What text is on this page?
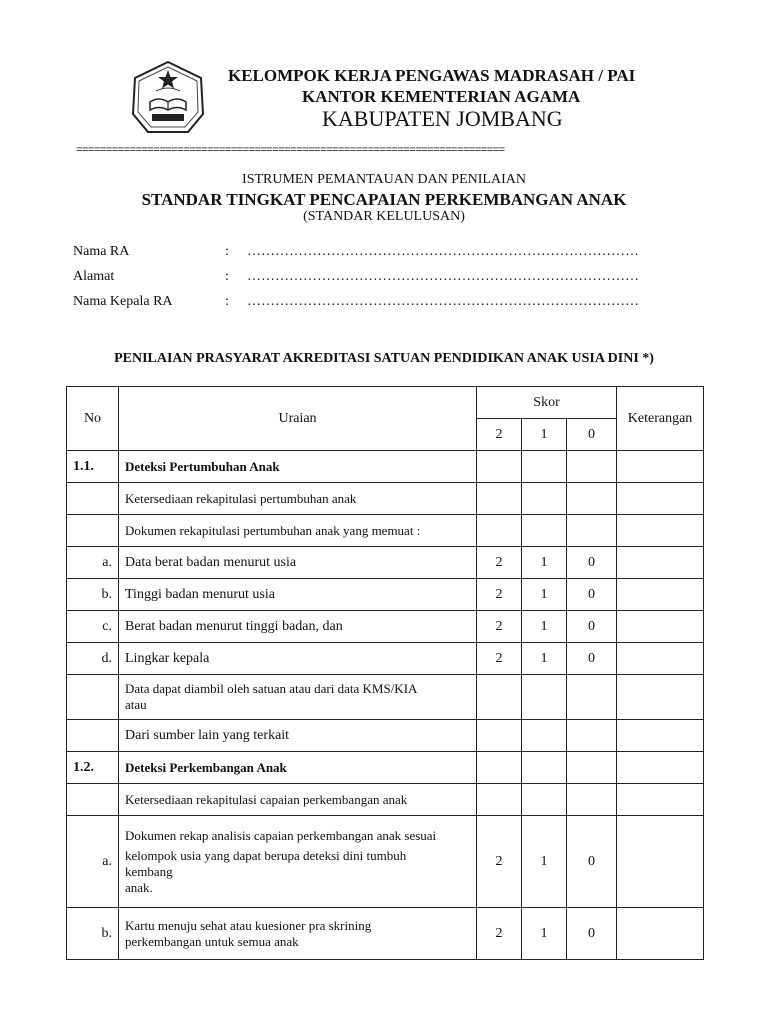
KELOMPOK KERJA PENGAWAS MADRASAH / PAI
KANTOR KEMENTERIAN AGAMA
KABUPATEN JOMBANG
========================================================================
ISTRUMEN PEMANTAUAN DAN PENILAIAN
STANDAR TINGKAT PENCAPAIAN PERKEMBANGAN ANAK
(STANDAR KELULUSAN)
Nama RA	: …………………………………………………………………………
Alamat	: …………………………………………………………………………
Nama Kepala RA	: …………………………………………………………………………
PENILAIAN PRASYARAT AKREDITASI SATUAN PENDIDIKAN ANAK USIA DINI *)
No	Uraian	Skor			Keterangan
		2	1	0	
1.1.	Deteksi Pertumbuhan Anak				
	Ketersediaan rekapitulasi pertumbuhan anak				
	Dokumen rekapitulasi pertumbuhan anak yang memuat :				
a.	Data berat badan menurut usia	2	1	0	
b.	Tinggi badan menurut usia	2	1	0	
c.	Berat badan menurut tinggi badan, dan	2	1	0	
d.	Lingkar kepala	2	1	0	

	Data dapat diambil oleh satuan atau dari data KMS/KIA
atau				

	Dari sumber lain yang terkait				
1.2.	Deteksi Perkembangan Anak				
	Ketersediaan rekapitulasi capaian perkembangan anak				
a.	Dokumen rekap analisis capaian perkembangan anak sesuai
kelompok usia yang dapat berupa deteksi dini tumbuh
kembang
anak.	2	1	0	
b.	Kartu menuju sehat atau kuesioner pra skrining
perkembangan untuk semua anak	2	1	0	
